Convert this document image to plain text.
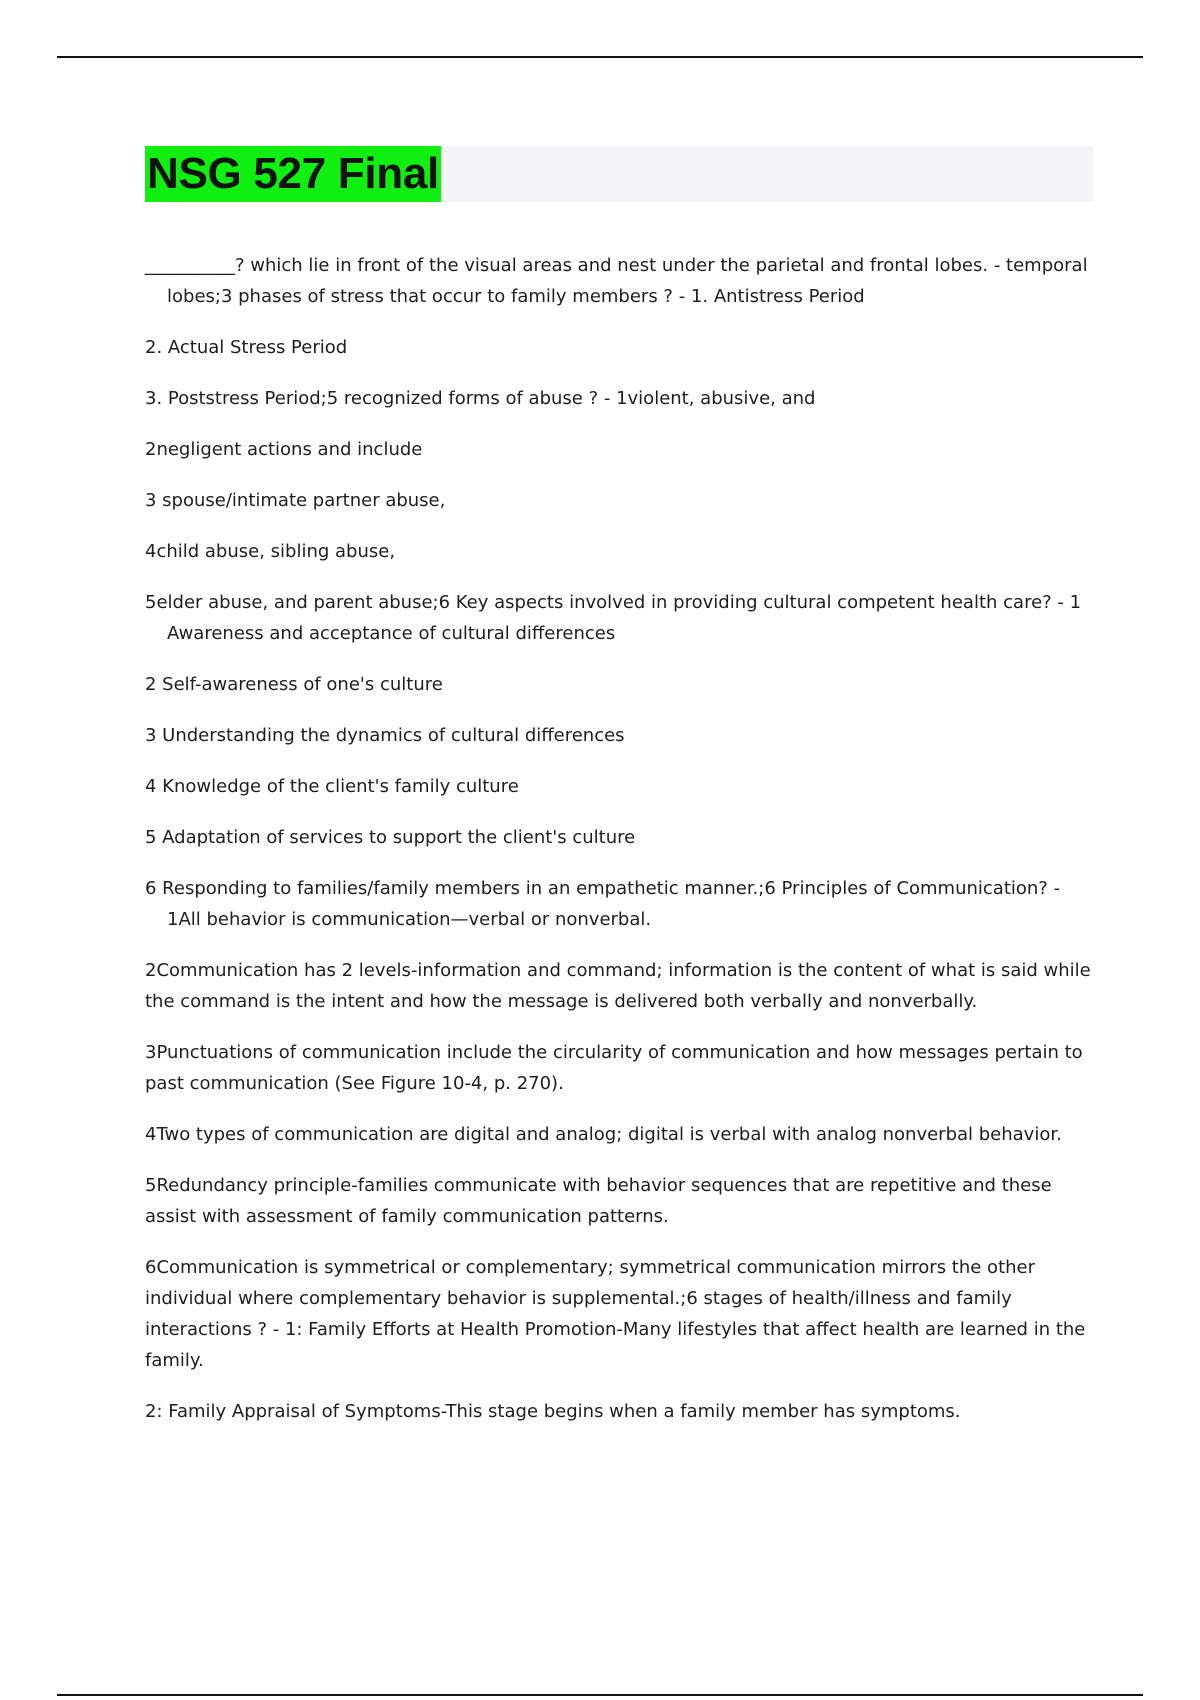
NSG 527 Final

__________? which lie in front of the visual areas and nest under the parietal and frontal lobes. - temporal lobes;3 phases of stress that occur to family members ? - 1. Antistress Period

2. Actual Stress Period

3. Poststress Period;5 recognized forms of abuse ? - 1violent, abusive, and

2negligent actions and include

3 spouse/intimate partner abuse,

4child abuse, sibling abuse,

5elder abuse, and parent abuse;6 Key aspects involved in providing cultural competent health care? - 1 Awareness and acceptance of cultural differences

2 Self-awareness of one's culture

3 Understanding the dynamics of cultural differences

4 Knowledge of the client's family culture

5 Adaptation of services to support the client's culture

6 Responding to families/family members in an empathetic manner.;6 Principles of Communication? - 1All behavior is communication—verbal or nonverbal.

2Communication has 2 levels-information and command; information is the content of what is said while the command is the intent and how the message is delivered both verbally and nonverbally.

3Punctuations of communication include the circularity of communication and how messages pertain to past communication (See Figure 10-4, p. 270).

4Two types of communication are digital and analog; digital is verbal with analog nonverbal behavior.

5Redundancy principle-families communicate with behavior sequences that are repetitive and these assist with assessment of family communication patterns.

6Communication is symmetrical or complementary; symmetrical communication mirrors the other individual where complementary behavior is supplemental.;6 stages of health/illness and family interactions ? - 1: Family Efforts at Health Promotion-Many lifestyles that affect health are learned in the family.

2: Family Appraisal of Symptoms-This stage begins when a family member has symptoms.
